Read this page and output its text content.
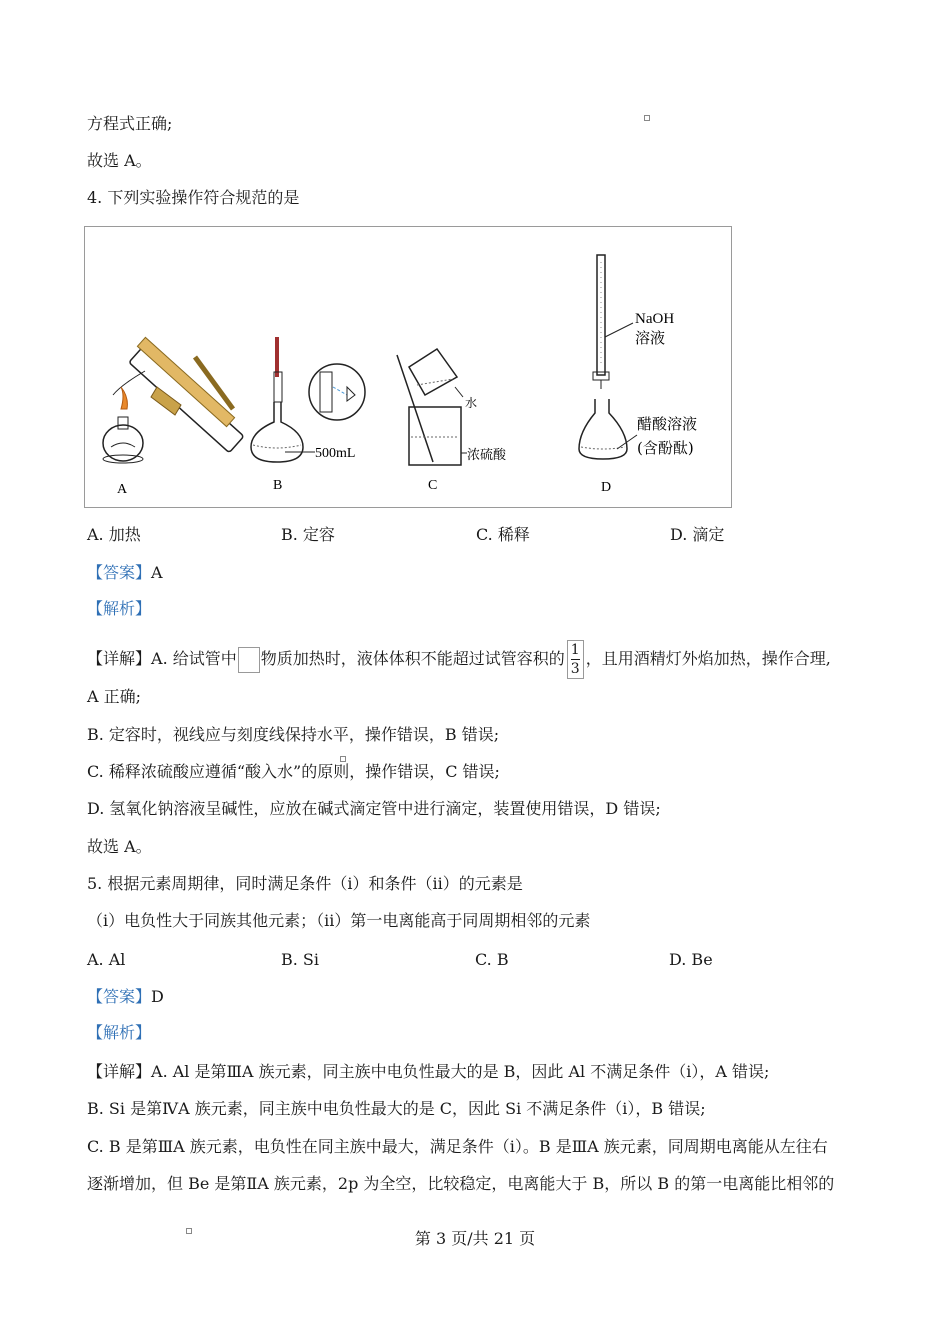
方程式正确;
故选 A。
4. 下列实验操作符合规范的是
A
500mL
B
水
浓硫酸
C
NaOH
溶液
醋酸溶液
(含酚酞)
D
A. 加热	B. 定容	C. 稀释	D. 滴定
【答案】A
【解析】
【详解】A. 给试管中 物质加热时，液体体积不能超过试管容积的 $\frac{1}{3}$ ，且用酒精灯外焰加热，操作合理,
A 正确;
B. 定容时，视线应与刻度线保持水平，操作错误，B 错误;
C. 稀释浓硫酸应遵循“酸入水”的原则，操作错误，C 错误;
D. 氢氧化钠溶液呈碱性，应放在碱式滴定管中进行滴定，装置使用错误，D 错误;
故选 A。
5. 根据元素周期律，同时满足条件（ⅰ）和条件（ⅱ）的元素是
（ⅰ）电负性大于同族其他元素；（ⅱ）第一电离能高于同周期相邻的元素
A. Al	B. Si	C. B	D. Be
【答案】D
【解析】
【详解】A. Al 是第ⅢA 族元素，同主族中电负性最大的是 B，因此 Al 不满足条件（i），A 错误;
B. Si 是第ⅣA 族元素，同主族中电负性最大的是 C，因此 Si 不满足条件（i），B 错误;
C. B 是第ⅢA 族元素，电负性在同主族中最大，满足条件（i）。B 是ⅢA 族元素，同周期电离能从左往右
逐渐增加，但 Be 是第ⅡA 族元素，2p 为全空，比较稳定，电离能大于 B，所以 B 的第一电离能比相邻的
第 3 页/共 21 页
